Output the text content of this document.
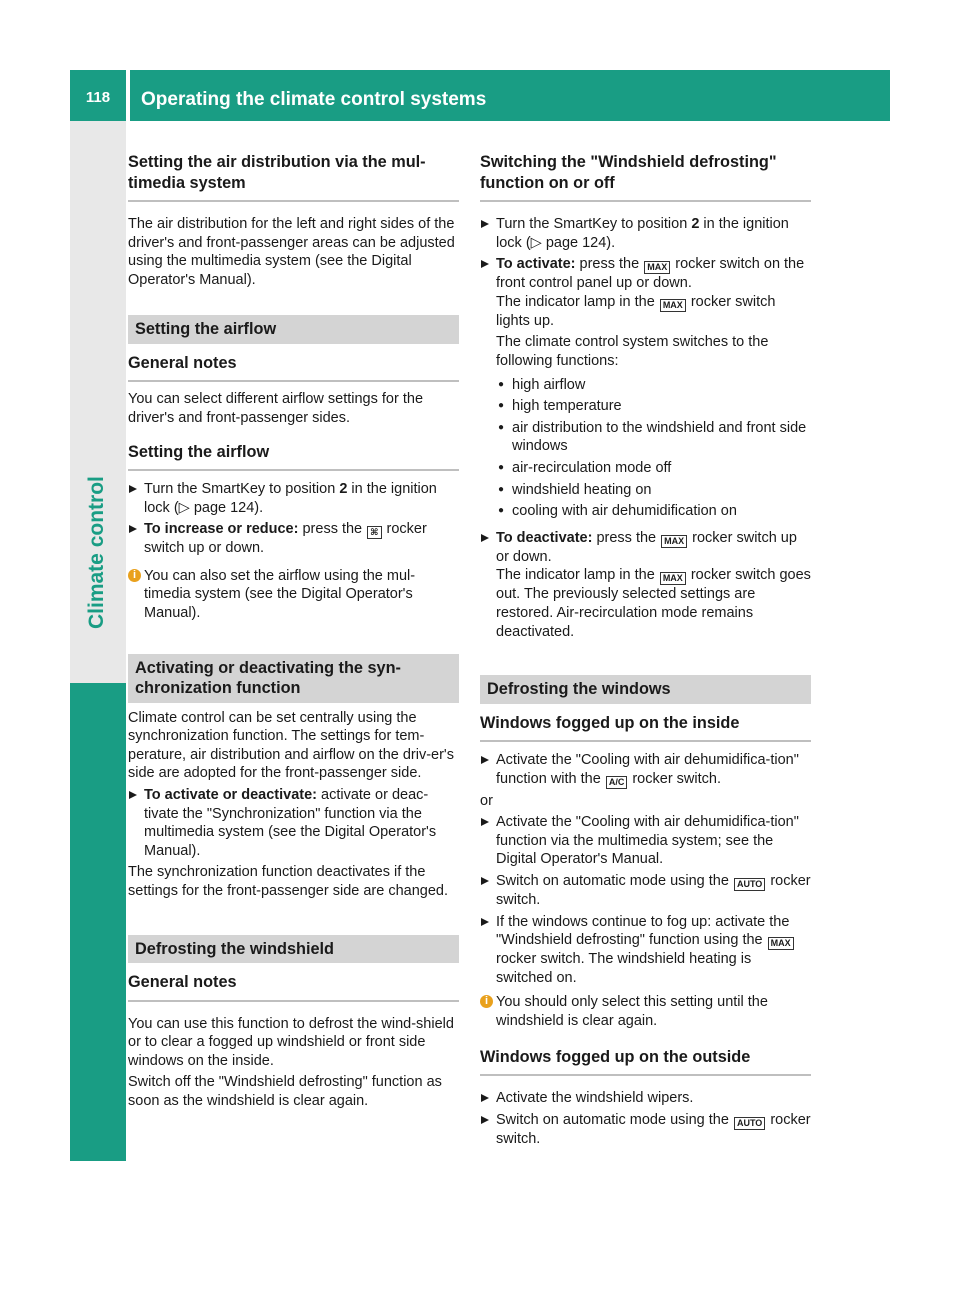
118	Operating the climate control systems
Climate control
Setting the air distribution via the mul-timedia system

The air distribution for the left and right sides of the driver's and front-passenger areas can be adjusted using the multimedia system (see the Digital Operator's Manual).

Setting the airflow
General notes

You can select different airflow settings for the driver's and front-passenger sides.

Setting the airflow

Turn the SmartKey to position 2 in the ignition lock (▷ page 124).

To increase or reduce: press the ⌘ rocker switch up or down.

i You can also set the airflow using the mul-timedia system (see the Digital Operator's Manual).

Activating or deactivating the syn-chronization function

Climate control can be set centrally using the synchronization function. The settings for tem-perature, air distribution and airflow on the driv-er's side are adopted for the front-passenger side.

To activate or deactivate: activate or deac-tivate the "Synchronization" function via the multimedia system (see the Digital Operator's Manual).

The synchronization function deactivates if the settings for the front-passenger side are changed.

Defrosting the windshield
General notes

You can use this function to defrost the wind-shield or to clear a fogged up windshield or front side windows on the inside.

Switch off the "Windshield defrosting" function as soon as the windshield is clear again.

Switching the "Windshield defrosting" function on or off

Turn the SmartKey to position 2 in the ignition lock (▷ page 124).

To activate: press the MAX rocker switch on the front control panel up or down.
The indicator lamp in the MAX rocker switch lights up.

The climate control system switches to the following functions:

● high airflow

● high temperature

● air distribution to the windshield and front side windows

● air-recirculation mode off

● windshield heating on

● cooling with air dehumidification on

To deactivate: press the MAX rocker switch up or down.
The indicator lamp in the MAX rocker switch goes out. The previously selected settings are restored. Air-recirculation mode remains deactivated.
Defrosting the windows
Windows fogged up on the inside

Activate the "Cooling with air dehumidifica-tion" function with the A/C rocker switch.

or

Activate the "Cooling with air dehumidifica-tion" function via the multimedia system; see the Digital Operator's Manual.

Switch on automatic mode using the AUTO rocker switch.

If the windows continue to fog up: activate the "Windshield defrosting" function using the MAX rocker switch. The windshield heating is switched on.

i You should only select this setting until the windshield is clear again.

Windows fogged up on the outside

Activate the windshield wipers.

Switch on automatic mode using the AUTO rocker switch.
